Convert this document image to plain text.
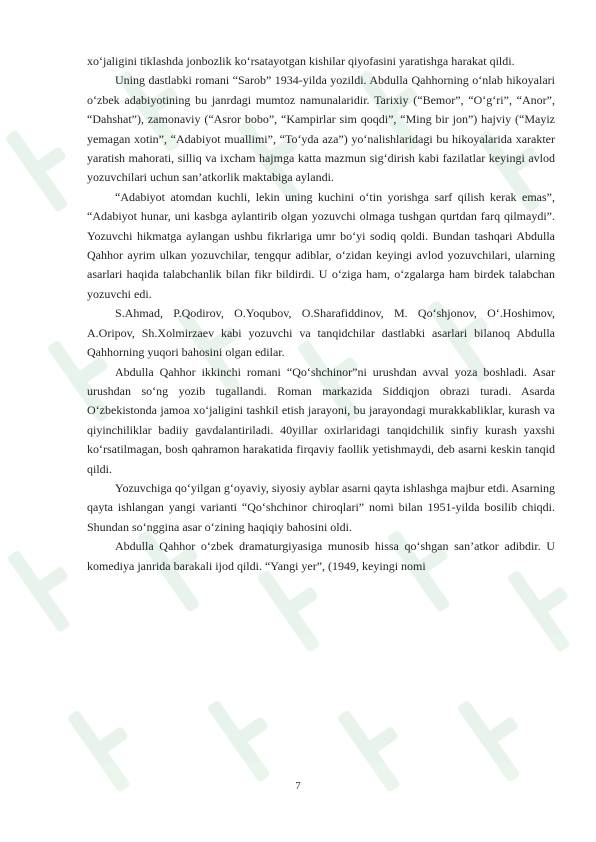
xo‘jaligini tiklashda jonbozlik ko‘rsatayotgan kishilar qiyofasini yaratishga harakat qildi.

Uning dastlabki romani “Sarob” 1934-yilda yozildi. Abdulla Qahhorning o‘nlab hikoyalari o‘zbek adabiyotining bu janrdagi mumtoz namunalaridir. Tarixiy (“Bemor”, “O‘g‘ri”, “Anor”, “Dahshat”), zamonaviy (“Asror bobo”, “Kampirlar sim qoqdi”, “Ming bir jon”) hajviy (“Mayiz yemagan xotin”, “Adabiyot muallimi”, “To‘yda aza”) yo‘nalishlaridagi bu hikoyalarida xarakter yaratish mahorati, silliq va ixcham hajmga katta mazmun sig‘dirish kabi fazilatlar keyingi avlod yozuvchilari uchun san’atkorlik maktabiga aylandi.

“Adabiyot atomdan kuchli, lekin uning kuchini o‘tin yorishga sarf qilish kerak emas”, “Adabiyot hunar, uni kasbga aylantirib olgan yozuvchi olmaga tushgan qurtdan farq qilmaydi”. Yozuvchi hikmatga aylangan ushbu fikrlariga umr bo‘yi sodiq qoldi. Bundan tashqari Abdulla Qahhor ayrim ulkan yozuvchilar, tengqur adiblar, o‘zidan keyingi avlod yozuvchilari, ularning asarlari haqida talabchanlik bilan fikr bildirdi. U o‘ziga ham, o‘zgalarga ham birdek talabchan yozuvchi edi.

S.Ahmad, P.Qodirov, O.Yoqubov, O.Sharafiddinov, M. Qo‘shjonov, O‘.Hoshimov, A.Oripov, Sh.Xolmirzaev kabi yozuvchi va tanqidchilar dastlabki asarlari bilanoq Abdulla Qahhorning yuqori bahosini olgan edilar.

Abdulla Qahhor ikkinchi romani “Qo‘shchinor”ni urushdan avval yoza boshladi. Asar urushdan so‘ng yozib tugallandi. Roman markazida Siddiqjon obrazi turadi. Asarda O‘zbekistonda jamoa xo‘jaligini tashkil etish jarayoni, bu jarayondagi murakkabliklar, kurash va qiyinchiliklar badiiy gavdalantiriladi. 40yillar oxirlaridagi tanqidchilik sinfiy kurash yaxshi ko‘rsatilmagan, bosh qahramon harakatida firqaviy faollik yetishmaydi, deb asarni keskin tanqid qildi.

Yozuvchiga qo‘yilgan g‘oyaviy, siyosiy ayblar asarni qayta ishlashga majbur etdi. Asarning qayta ishlangan yangi varianti “Qo‘shchinor chiroqlari” nomi bilan 1951-yilda bosilib chiqdi. Shundan so‘nggina asar o‘zining haqiqiy bahosini oldi.

Abdulla Qahhor o‘zbek dramaturgiyasiga munosib hissa qo‘shgan san’atkor adibdir. U komediya janrida barakali ijod qildi. “Yangi yer”, (1949, keyingi nomi

7
